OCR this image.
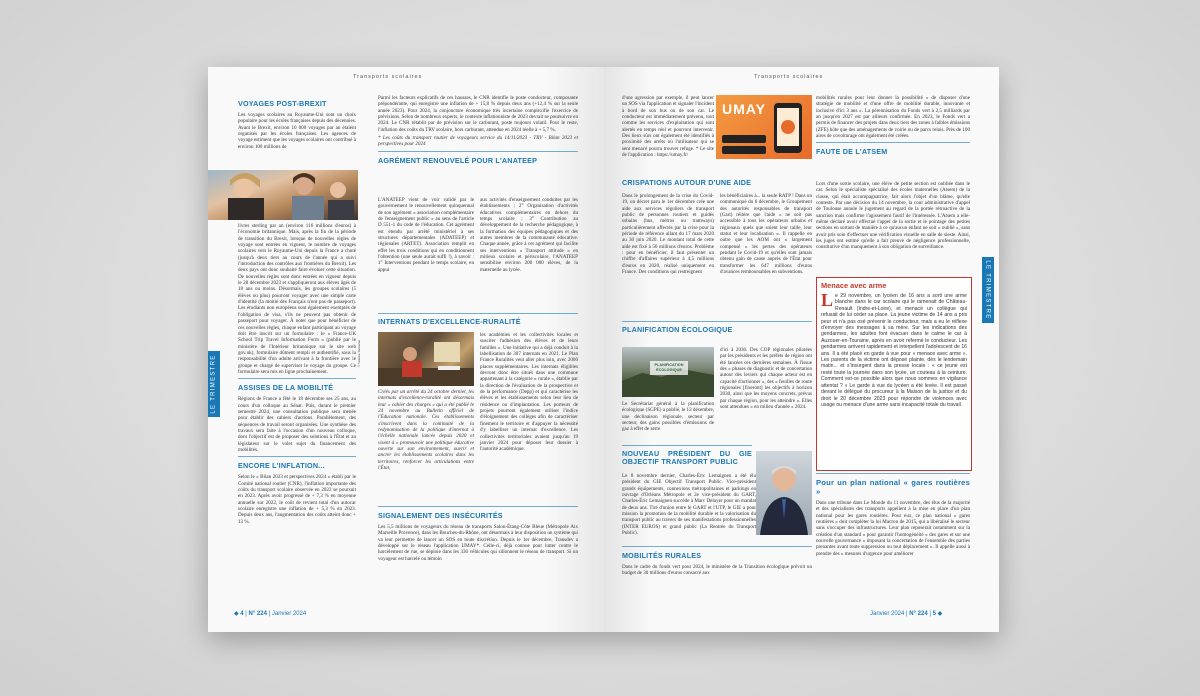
Transports scolaires
VOYAGES POST-BREXIT

Les voyages scolaires au Royaume-Uni sont un choix populaire pour les écoles françaises depuis des décennies. Avant le Brexit, environ 10 000 voyages par an étaient organisés par les écoles françaises. Les agences de voyage estiment que les voyages scolaires ont contribué à environ 100 millions de

livres sterling par an (environ 116 millions d'euros) à l'économie britannique. Mais, après la fin de la période de transition du Brexit, lorsque de nouvelles règles de voyage sont entrées en vigueur, le nombre de voyages scolaires vers le Royaume-Uni depuis la France a chuté (jusqu'à deux tiers au cours de l'année qui a suivi l'introduction des contrôles aux frontières du Brexit). Les deux pays ont donc souhaité faire évoluer cette situation. De nouvelles règles sont donc entrées en vigueur depuis le 28 décembre 2023 et s'appliqueront aux élèves âgés de 18 ans ou moins. Désormais, les groupes scolaires (5 élèves ou plus) pourront voyager avec une simple carte d'identité (la moitié des Français n'ont pas de passeport). Les étudiants non européens sont également exemptés de l'obligation de visa, s'ils ne peuvent pas obtenir de passeport pour voyager. À noter que pour bénéficier de ces nouvelles règles, chaque enfant participant au voyage doit être inscrit sur un formulaire : le « France-UK School Trip Travel Information Form » (publié par le ministère de l'Intérieur britannique sur le site web gov.uk), formulaire dûment rempli et authentifié, sous la responsabilité d'un adulte arrivant à la frontière avec le groupe et chargé de superviser le voyage du groupe. Ce formulaire sera mis en ligne prochainement.

ASSISES DE LA MOBILITÉ

Régions de France a fêté le 18 décembre ses 25 ans, au cours d'un colloque au Sénat. Puis, durant le premier semestre 2024, une consultation publique sera menée pour établir des cahiers d'actions. Parallèlement, des séquences de travail seront organisées. Une synthèse des travaux sera faite à l'occasion d'un nouveau colloque, dont l'objectif est de proposer des solutions à l'État et au législateur sur le volet sujet du financement des mobilités.

ENCORE L'INFLATION...

Selon le « Bilan 2023 et perspectives 2024 » établi par le Comité national routier (CNR), l'inflation importante des coûts du transport scolaire observée en 2022 se poursuit en 2023. Après avoir progressé de + 7,3 % en moyenne annuelle sur 2022, le coût de revient total d'un autocar scolaire enregistre une inflation de + 5,3 % en 2023. Depuis deux ans, l'augmentation des coûts atteint donc + 13 %.

LE TRIMESTRE

Parmi les facteurs explicatifs de ces hausses, le CNR identifie le poste conducteur, composante prépondérante, qui enregistre une inflation de + 15,8 % depuis deux ans (+12,4 % sur la seule année 2023). Pour 2024, la conjoncture économique très incertaine complexifie l'exercice de prévisions. Selon de nombreux experts, le contexte inflationniste de 2023 devrait se poursuivre en 2024. Le CNR rétablit par de prévision sur le carburant, poste toujours volatil. Pour le reste, l'inflation des coûts du TRV scolaire, hors carburant, attendue en 2024 réelle à + 5,7 %.

* Les coûts du transport routier de voyageurs service du 14/11/2023 - TRV - Bilan 2023 et perspectives pour 2024

AGRÉMENT RENOUVELÉ POUR L'ANATEEP

L'ANATEEP vient de voir validé par le gouvernement le renouvellement quinquennal de son agrément « association complémentaire de l'enseignement public » au sens de l'article D 551-1 du code de l'éducation. Cet agrément est étendu par arrêté ministériel à ses structures départementales (ADATEEP) et régionales (ARTET). Association remplit en effet les trois conditions qui en conditionnent l'obtention (une seule aurait suffi !), à savoir : 1° Interventions pendant le temps scolaire, en appui

aux activités d'enseignement conduites par les établissements ; 2° Organisation d'activités éducatives complémentaires en dehors du temps scolaire ; 3° Contribution au développement de la recherche pédagogique, à la formation des équipes pédagogiques et des autres membres de la communauté éducative. Chaque année, grâce à cet agrément qui facilite ses interventions « Transport attitude » en milieux scolaire et périscolaire, l'ANATEEP sensibilise environ 200 000 élèves, de la maternelle au lycée.

INTERNATS D'EXCELLENCE-RURALITÉ
© Stanislas Tarnowski

Créés par un arrêté du 24 octobre dernier, les internats d'excellence-ruralité ont désormais leur « cahier des charges » qui a été publié le 24 novembre au Bulletin officiel de l'Éducation nationale. Ces établissements s'inscrivent dans la continuité de la redynamisation de la politique d'internat à l'échelle nationale lancée depuis 2020 et visent à « promouvoir une politique éducative ouverte sur son environnement, ouvrir et ancrer les établissements scolaires dans les territoires, renforcer les articulations entre l'État,

les académies et les collectivités locales et susciter l'adhésion des élèves et de leurs familles ». Une initiative qui a déjà conduit à la labellisation de 307 internats en 2021. Le Plan France Ruralités veut aller plus loin, avec 2000 places supplémentaires. Les internats éligibles devront donc être situés dans une commune appartenant à la catégorie « rurale », établie par la direction de l'évaluation de la prospective et de la performance (Depp) et qui caractérise les élèves et les établissements selon leur lieu de résidence ou d'implantation. Les porteurs de projets pourront également utiliser l'indice d'éloignement des collèges afin de caractériser finement le territoire et d'appuyer la nécessité d'y labelliser un internat d'excellence. Les collectivités territoriales avaient jusqu'au 19 janvier 2024 pour déposer leur dossier à l'autorité académique.

SIGNALEMENT DES INSÉCURITÉS

Les 5,5 millions de voyageurs du réseau de transports Salon-Étang-Côte Bleue (Métropole Aix Marseille Provence), dans les Bouches-du-Rhône, ont désormais à leur disposition un système qui va leur permettre de lancer un SOS en toute discrétion. Depuis le 1er décembre, Transdev a développé sur le réseau l'application UMAY*. Celle-ci, déjà connue pour lutter contre le harcèlement de rue, se déploie dans les 330 véhicules qui sillonnent le réseau de transport. Si un voyageur est harcelé ou témoin

◆ 4 | N° 224 | Janvier 2024
Transports scolaires

d'une agression par exemple, il peut lancer un SOS via l'application et signaler l'incident à bord de son bus ou de son car. Le conducteur est immédiatement prévenu, tout comme les services d'exploitation qui sont alertés en temps réel et pourront intervenir. Des lieux sûrs ont également été identifiés à proximité des arrêts où l'utilisateur qui se sent menacé pourra trouver refuge. * Le site de l'application : https://umay.fr/

UMAY
CRISPATIONS AUTOUR D'UNE AIDE

Dans le prolongement de la crise du Covid-19, un décret paru le 1er décembre crée une aide aux services réguliers de transport public de personnes routiers et guidés urbains (bus, métros ou tramways) particulièrement affectés par la crise pour la période de référence allant du 17 mars 2020 au 30 juin 2020. Le montant total de cette aide est fixé à 50 millions d'euros. Problème : pour en bénéficier, il faut présenter un chiffre d'affaires supérieur à 4,5 millions d'euros en 2020, réalisé uniquement en France. Des conditions qui restreignent

les bénéficiaires à... la seule RATP ! Dans un communiqué du 6 décembre, le Groupement des autorités responsables de transport (Gart) réitère que l'aide « ne soit pas accessible à tous les opérateurs urbains et régionaux quels que soient leur taille, leur statut et leur localisation ». Il rappelle en outre que les AOM ont « largement compensé » les pertes des opérateurs pendant le Covid-19 et qu'elles sont jamais obtenu gain de cause auprès de l'État pour transformer les 647 millions d'euros d'avances remboursables en subventions.

PLANIFICATION ÉCOLOGIQUE
PLANIFICATION ÉCOLOGIQUE

Le Secrétariat général à la planification écologique (SGPE) a publié, le 12 décembre, une déclinaison régionale, secteur par secteur, des gains possibles d'émissions de gaz à effet de serre

d'ici à 2030. Des COP régionales pilotées par les présidents et les préfets de région ont été lancées ces dernières semaines. À l'issue des « phases de diagnostic et de concertation autour des leviers qui chaque acteur est en capacité d'actionner », des « feuilles de route régionales [fixeront] les objectifs à horizon 2030, ainsi que les moyens concrets, prévus par chaque région, pour les atteindre ». Elles sont attendues « en milieu d'année » 2024.

NOUVEAU PRÉSIDENT DU GIE OBJECTIF TRANSPORT PUBLIC

Le 8 novembre dernier, Charles-Éric Lemaignen a été élu président du GIE Objectif Transport Public. Vice-président grands équipements, connexions métropolitaines et parkings en ouvrage d'Orléans Métropole et 2e vice-président du GART, Charles-Éric Lemaignen succède à Marc Delayer pour un mandat de deux ans. Tiré d'union entre le GART et l'UTP, le GIE a pour mission la promotion de la mobilité durable et la valorisation du transport public au travers de ses manifestations professionnelles (INTER EUROS) et grand public (La Rentrée du Transport Public).

MOBILITÉS RURALES

Dans le cadre du fonds vert pour 2024, le ministère de la Transition écologique prévoit un budget de 30 millions d'euros consacré aux

mobilités rurales pour leur donner la possibilité « de disposer d'une stratégie de mobilité et d'une offre de mobilité durable, innovante et inclusive d'ici 3 ans ». La pérennisation du Fonds vert à 2,5 milliards par an jusqu'en 2027 est par ailleurs confirmée. En 2023, le Fonds vert a permis de financer des projets dans deux tiers des zones à faibles émissions (ZFE) hôte que des aménagements de voirie ou de parcs relais. Près de 100 aires de covoiturage ont également été créées.

FAUTE DE L'ATSEM

Lors d'une sortie scolaire, une élève de petite section est oubliée dans le car. Selon le spécialiste spécialisé des écoles maternelles (Atsem) de la classe, qui était accompagnatrice, fait alors l'objet d'un blâme, qu'elle conteste. Par une décision du 14 novembre, la cour administrative d'appel de Toulouse annule le jugement au regard de la portée rétroactive de la sanction mais confirme l'agissement fautif de l'intéressée. L'Atsem a elle-même déclaré avoir effectué l'appel de la sortie et le pointage des petites sections en sortant de manière à ce qu'aucun enfant ne soit « oublié », sans avoir pris soin d'effectuer une vérification visuelle en salle de sieste. Ainsi, les juges ont estimé qu'elle a fait preuve de négligence professionnelle, constitutive d'un manquement à son obligation de surveillance.

Menace avec arme
Le 29 novembre, un lycéen de 16 ans a sorti une arme blanche dans le car scolaire qui le ramenait de Château-Renault (Indre-et-Loire), et menacé un collègue qui refusait de lui céder sa place. La jeune victime de 14 ans a pris peur et n'a pas osé prévenir le conducteur, mais a eu le réflexe d'envoyer des messages à sa mère. Sur les indications des gendarmes, les adultes font évacuer dans le calme le car à Auzouer-en-Touraine, après en avoir refermé le conducteur. Les gendarmes arrivent rapidement et interpellent l'adolescent de 16 ans. Il a été placé en garde à vue pour « menace avec arme ». Les parents de la victime ont déposé plainte, dès le lendemain matin... et s'insurgent dans la presse locale : « ce jeune est resté toute la journée dans son lycée, un couteau à la ceinture. Comment est-ce possible alors que nous sommes en vigilance attentat ? » Le garde à vue du lycéen a été levée. Il est passé devant le délégué du procureur à la Maison de la justice et du droit le 20 décembre 2023 pour répondre de violences avec usage ou menace d'une arme sans incapacité totale du travail.
Pour un plan national « gares routières »

Dans une tribune dans Le Monde du 11 novembre, des élus de la majorité et des spécialistes des transports appellent à la mise en place d'un plan national pour les gares routières. Pour eux, ce plan national « gares routières » doit compléter la loi Macron de 2015, qui a libéralisé le secteur sans s'occuper des infrastructures. Leur plan reposerait notamment sur la création d'un standard « pour garantir l'homogénéité » des gares et sur une nouvelle gouvernance « imposant la concertation de l'ensemble des parties prenantes avant toute suppression ou tout déplacement ». Il appelle aussi à prendre des « mesures d'urgence pour améliorer

LE TRIMESTRE
Janvier 2024 | N° 224 | 5 ◆
